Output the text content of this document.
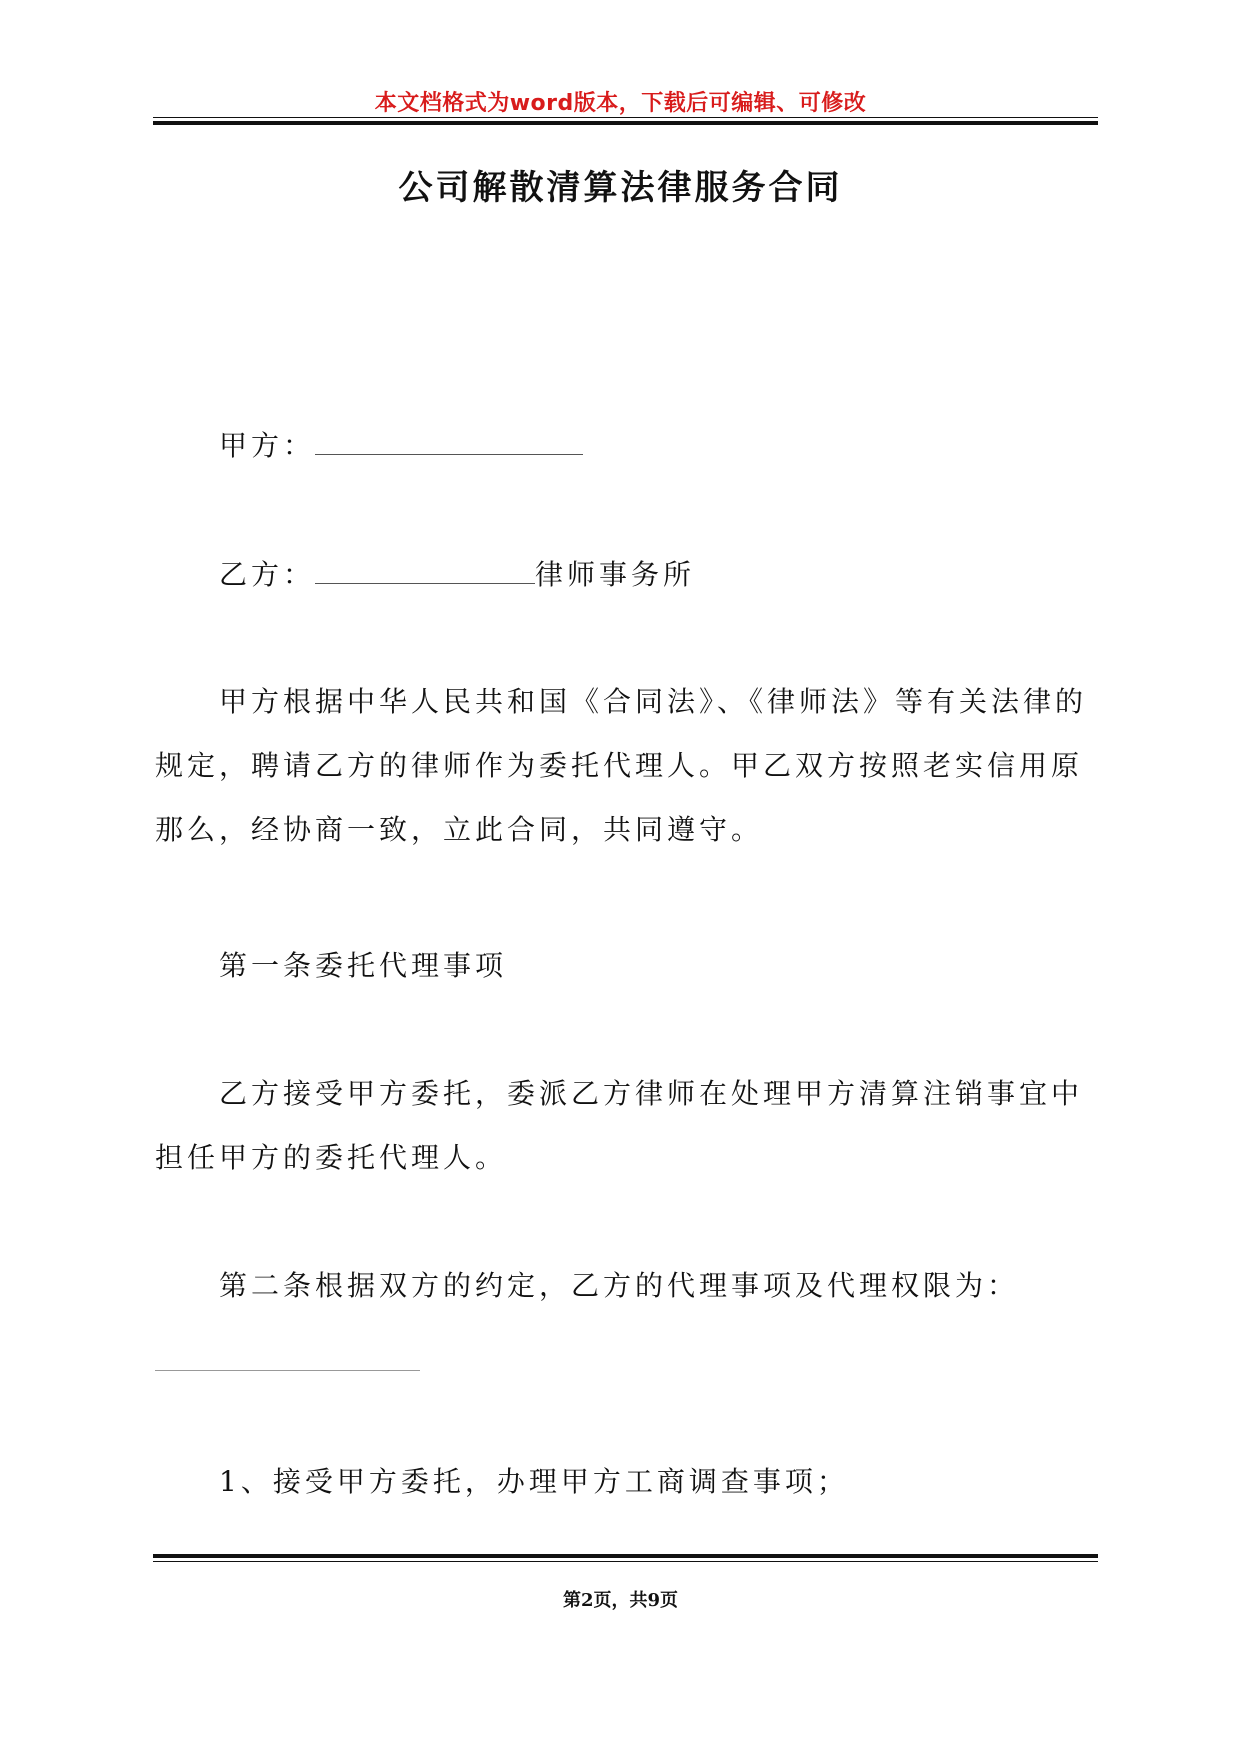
本文档格式为word版本，下载后可编辑、可修改
公司解散清算法律服务合同
甲方：
乙方：	律师事务所
甲方根据中华人民共和国《合同法》、《律师法》等有关法律的规定，聘请乙方的律师作为委托代理人。甲乙双方按照老实信用原那么，经协商一致，立此合同，共同遵守。
第一条委托代理事项
乙方接受甲方委托，委派乙方律师在处理甲方清算注销事宜中担任甲方的委托代理人。
第二条根据双方的约定，乙方的代理事项及代理权限为：
1、接受甲方委托，办理甲方工商调查事项；
第2页，共9页
